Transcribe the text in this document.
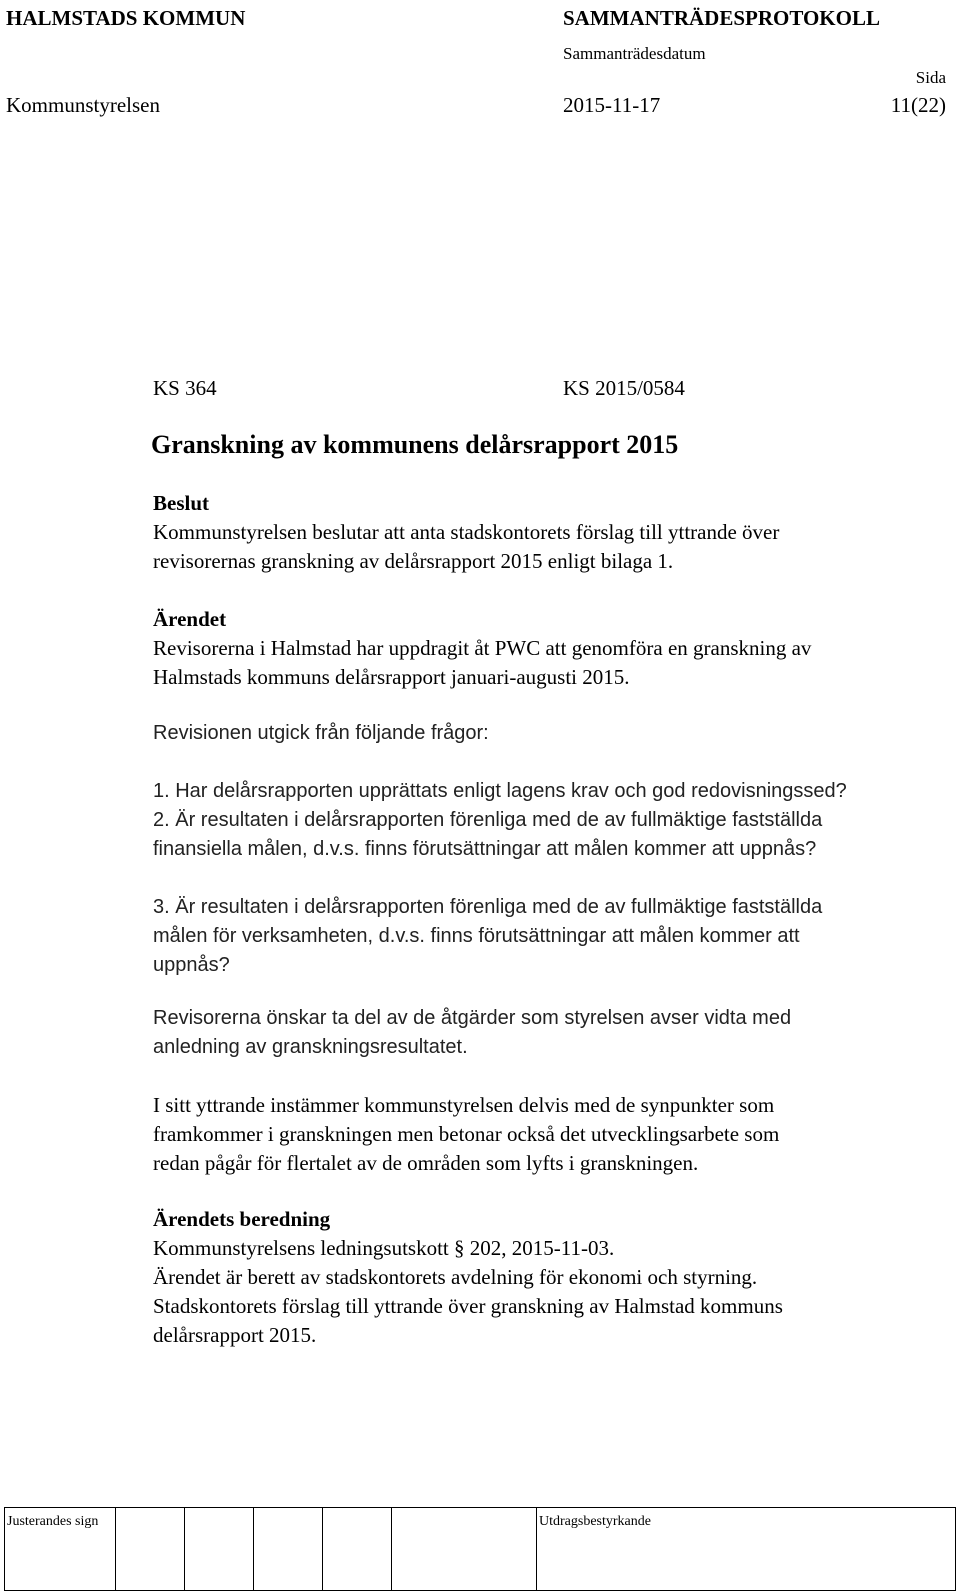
HALMSTADS KOMMUN	SAMMANTRÄDESPROTOKOLL
Sammanträdesdatum
Sida
Kommunstyrelsen	2015-11-17	11(22)
KS 364	KS 2015/0584
Granskning av kommunens delårsrapport 2015
Beslut
Kommunstyrelsen beslutar att anta stadskontorets förslag till yttrande över
revisorernas granskning av delårsrapport 2015 enligt bilaga 1.
Ärendet
Revisorerna i Halmstad har uppdragit åt PWC att genomföra en granskning av
Halmstads kommuns delårsrapport januari-augusti 2015.
Revisionen utgick från följande frågor:
1. Har delårsrapporten upprättats enligt lagens krav och god redovisningssed?
2. Är resultaten i delårsrapporten förenliga med de av fullmäktige fastställda
finansiella målen, d.v.s. finns förutsättningar att målen kommer att uppnås?
3. Är resultaten i delårsrapporten förenliga med de av fullmäktige fastställda
målen för verksamheten, d.v.s. finns förutsättningar att målen kommer att
uppnås?
Revisorerna önskar ta del av de åtgärder som styrelsen avser vidta med
anledning av granskningsresultatet.
I sitt yttrande instämmer kommunstyrelsen delvis med de synpunkter som
framkommer i granskningen men betonar också det utvecklingsarbete som
redan pågår för flertalet av de områden som lyfts i granskningen.
Ärendets beredning
Kommunstyrelsens ledningsutskott § 202, 2015-11-03.
Ärendet är berett av stadskontorets avdelning för ekonomi och styrning.
Stadskontorets förslag till yttrande över granskning av Halmstad kommuns
delårsrapport 2015.
Justerandes sign						Utdragsbestyrkande
